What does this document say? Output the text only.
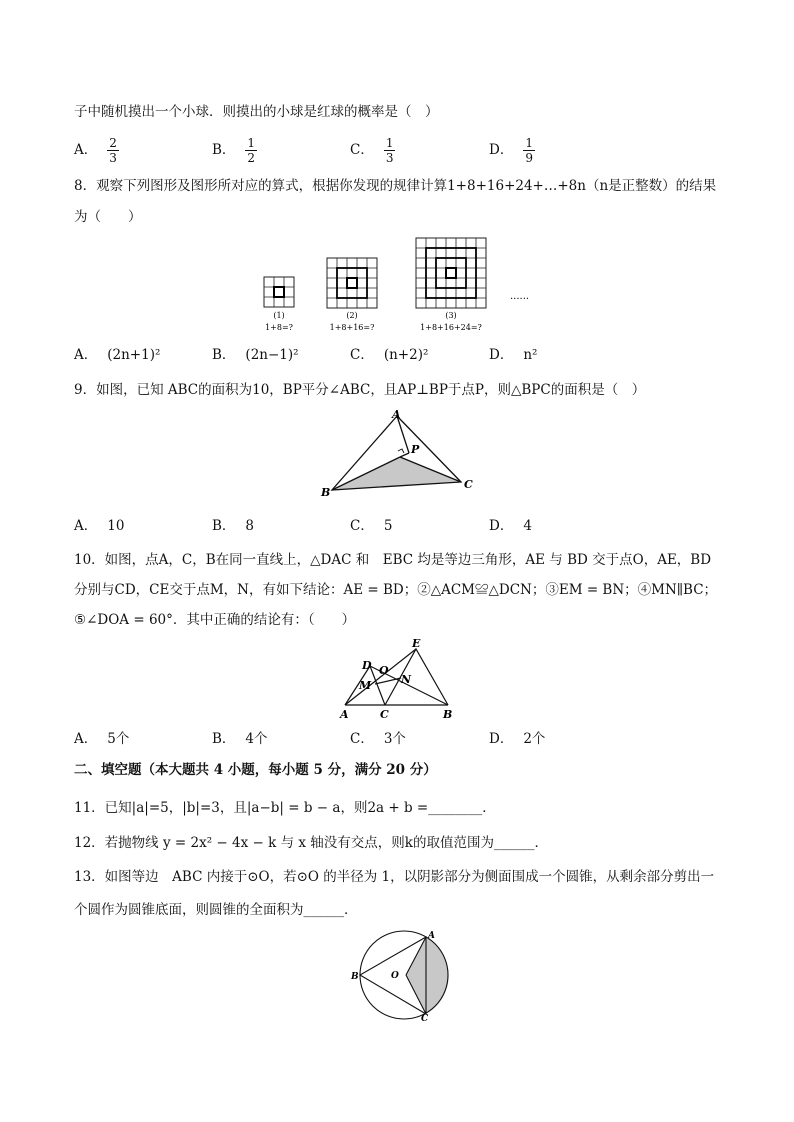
子中随机摸出一个小球．则摸出的小球是红球的概率是（　）
A． $\frac{2}{3}$	B． $\frac{1}{2}$	C． $\frac{1}{3}$	D． $\frac{1}{9}$
8．观察下列图形及图形所对应的算式，根据你发现的规律计算1+8+16+24+…+8n（n是正整数）的结果
为（　　）
(1)	(2)	(3)
1+8=?	1+8+16=?	1+8+16+24=?
......
A． (2n+1)²	B． (2n−1)²	C． (n+2)²	D． n²
9．如图，已知 ABC的面积为10，BP平分∠ABC，且AP⊥BP于点P，则△BPC的面积是（　）
A
B
C
P
A． 10	B． 8	C． 5	D． 4
10．如图，点A，C，B在同一直线上，△DAC 和　EBC 均是等边三角形，AE 与 BD 交于点O，AE，BD
分别与CD，CE交于点M，N，有如下结论：AE = BD；②△ACM≌△DCN；③EM = BN；④MN∥BC；
⑤∠DOA = 60°．其中正确的结论有：（　　）
E
D O
M	N
A	C	B
A． 5个	B． 4个	C． 3个	D． 2个
二、填空题（本大题共 4 小题，每小题 5 分，满分 20 分）
11．已知|a|=5，|b|=3，且|a−b| = b − a，则2a + b =________．
12．若抛物线 y = 2x² − 4x − k 与 x 轴没有交点，则k的取值范围为______．
13．如图等边　ABC 内接于⊙O，若⊙O 的半径为 1，以阴影部分为侧面围成一个圆锥，从剩余部分剪出一
个圆作为圆锥底面，则圆锥的全面积为______．
A
B
C
O
